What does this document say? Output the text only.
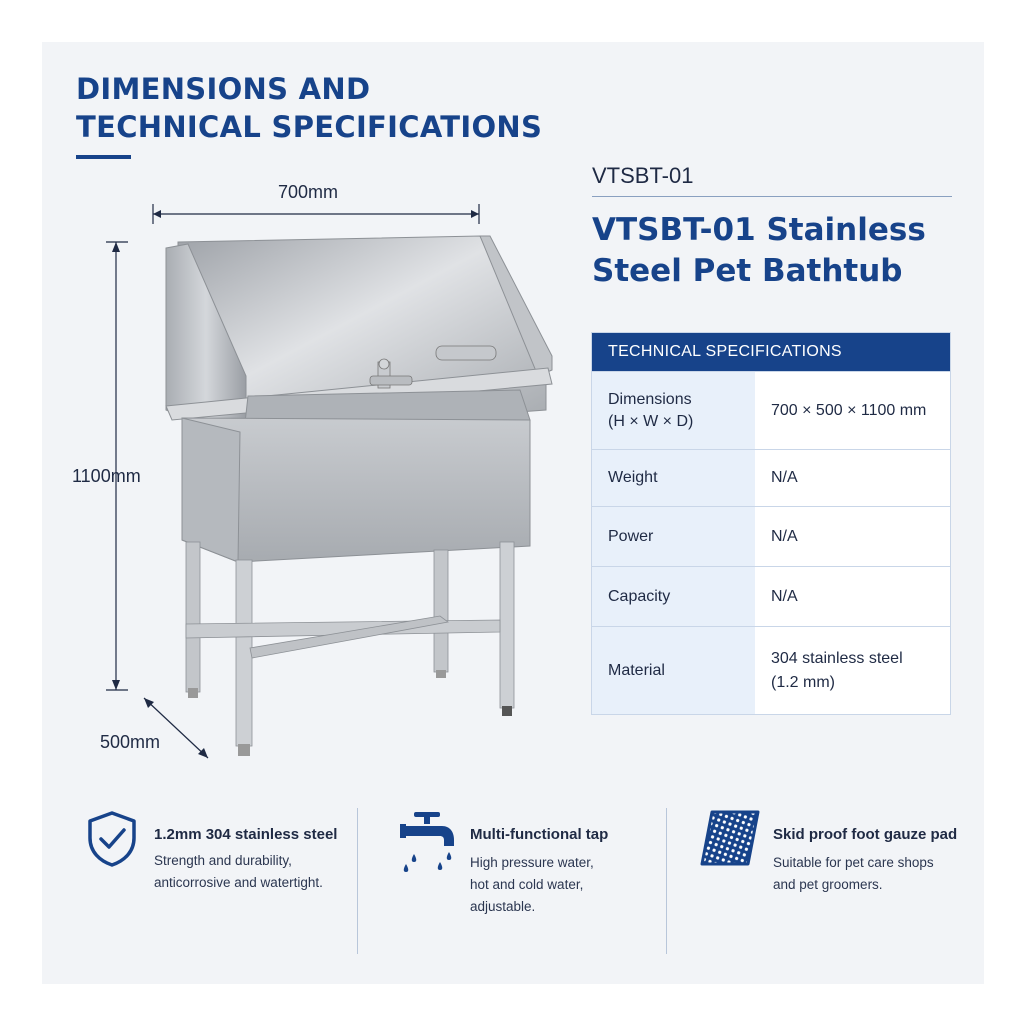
DIMENSIONS AND
TECHNICAL SPECIFICATIONS
700mm
1100mm
500mm

VTSBT-01

VTSBT-01 Stainless
Steel Pet Bathtub
TECHNICAL SPECIFICATIONS	

Dimensions
(H × W × D)	700 × 500 × 1100 mm
Weight	N/A
Power	N/A
Capacity	N/A
Material	304 stainless steel
(1.2 mm)
1.2mm 304 stainless steel
Strength and durability,
anticorrosive and watertight.
Multi-functional tap
High pressure water,
hot and cold water,
adjustable.
Skid proof foot gauze pad
Suitable for pet care shops
and pet groomers.
